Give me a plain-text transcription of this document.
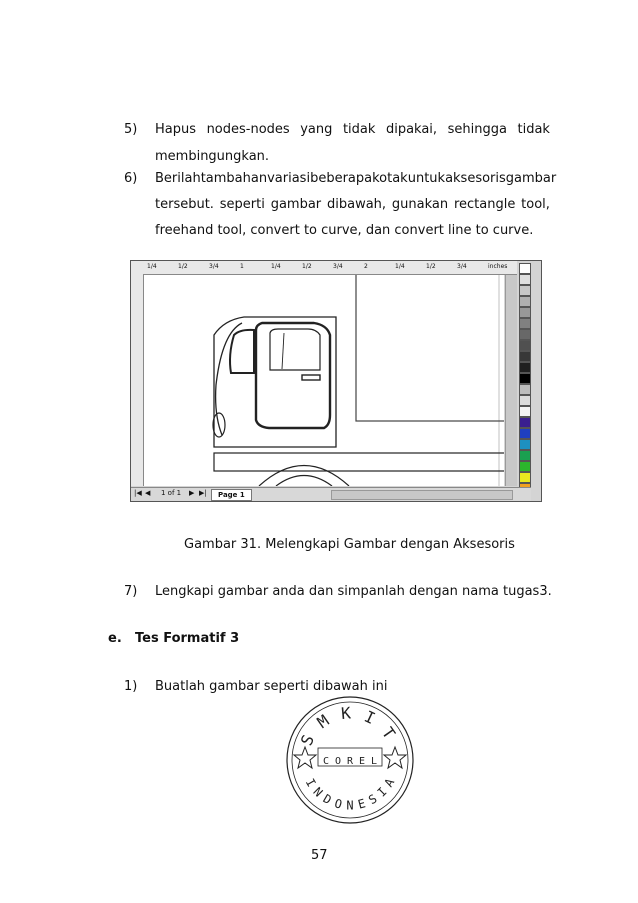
5) Hapus nodes-nodes yang tidak dipakai, sehingga tidak
membingungkan.
6) Berilah tambahan variasi beberapa kotak untuk aksesoris gambar
tersebut. seperti gambar dibawah, gunakan rectangle tool,
freehand tool, convert to curve, dan convert line to curve.
1/4	1/2	3/4	1	1/4	1/2	3/4	2	1/4	1/2	3/4	inches
|◀ ◀ 1 of 1 ▶ ▶|	Page 1
Gambar 31. Melengkapi Gambar dengan Aksesoris
7) Lengkapi gambar anda dan simpanlah dengan nama tugas3.
e. Tes Formatif 3
1) Buatlah gambar seperti dibawah ini
S
M K I
T
I
N
D O N E S
I
A
C O R E L
57
